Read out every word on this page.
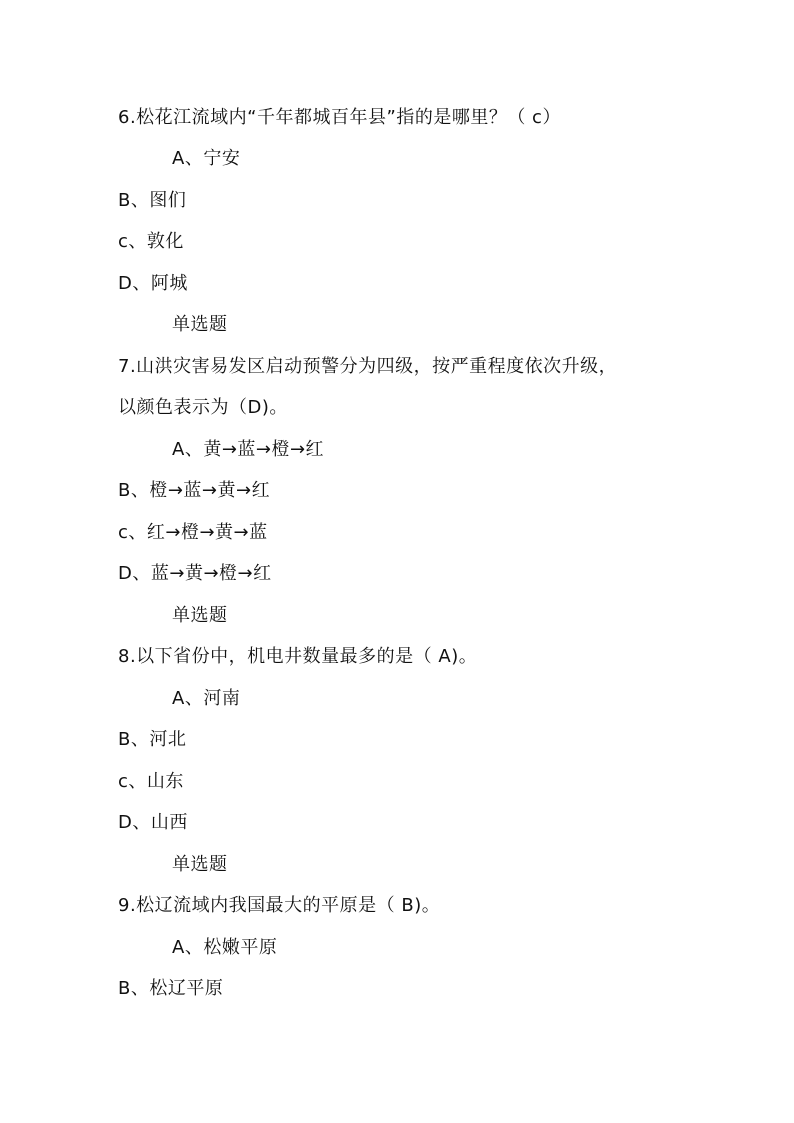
6.松花江流域内“千年都城百年县”指的是哪里？（ c）
A、宁安
B、图们
c、敦化
D、阿城
单选题
7.山洪灾害易发区启动预警分为四级，按严重程度依次升级，
以颜色表示为（D)。
A、黄→蓝→橙→红
B、橙→蓝→黄→红
c、红→橙→黄→蓝
D、蓝→黄→橙→红
单选题
8.以下省份中，机电井数量最多的是（ A)。
A、河南
B、河北
c、山东
D、山西
单选题
9.松辽流域内我国最大的平原是（ B)。
A、松嫩平原
B、松辽平原
